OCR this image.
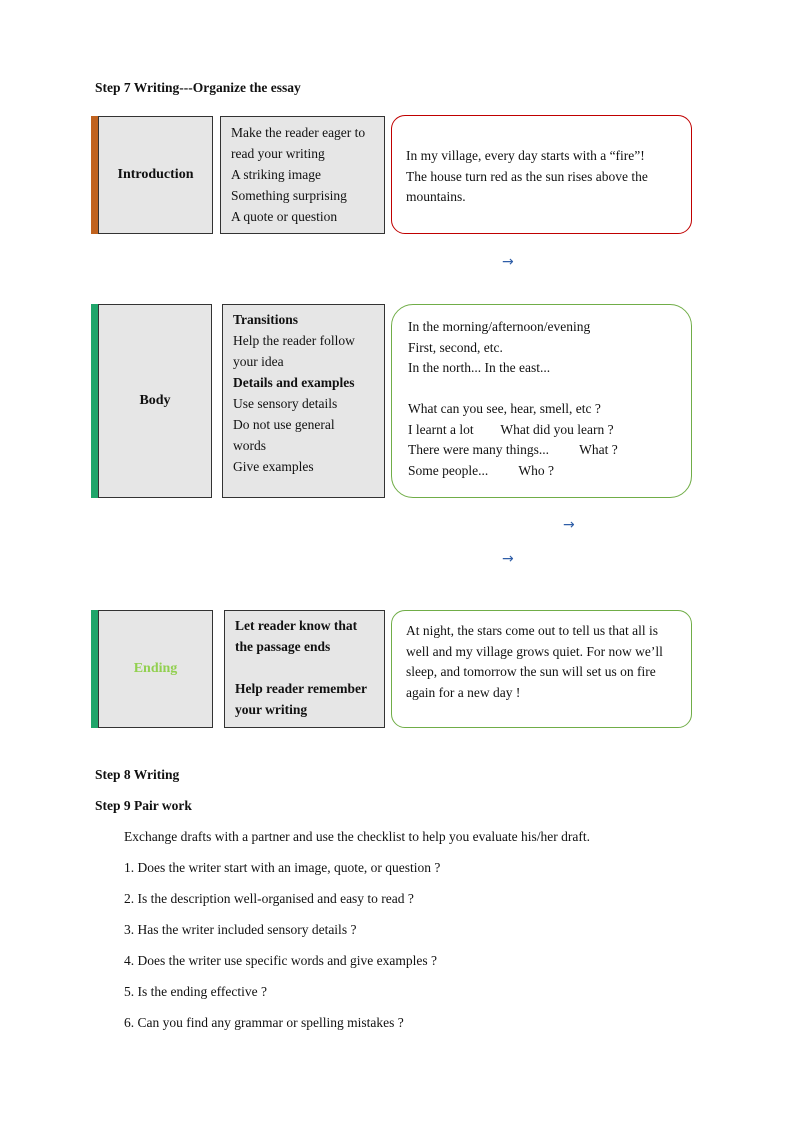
Step 7 Writing---Organize the essay
Introduction
Make the reader eager to
read your writing
A striking image
Something surprising
A quote or question
In my village, every day starts with a “fire”!
The house turn red as the sun rises above the
mountains.
→
Body
Transitions
Help the reader follow
your idea
Details and examples
Use sensory details
Do not use general
words
Give examples
In the morning/afternoon/evening
First, second, etc.
In the north... In the east...
What can you see, hear, smell, etc ?
I learnt a lot        What did you learn ?
There were many things...         What ?
Some people...         Who ?
→
→
Ending
Let reader know that
the passage ends
Help reader remember
your writing
At night, the stars come out to tell us that all is
well and my village grows quiet. For now we’ll
sleep, and tomorrow the sun will set us on fire
again for a new day !
Step 8 Writing
Step 9 Pair work
Exchange drafts with a partner and use the checklist to help you evaluate his/her draft.
1. Does the writer start with an image, quote, or question ?
2. Is the description well-organised and easy to read ?
3. Has the writer included sensory details ?
4. Does the writer use specific words and give examples ?
5. Is the ending effective ?
6. Can you find any grammar or spelling mistakes ?
